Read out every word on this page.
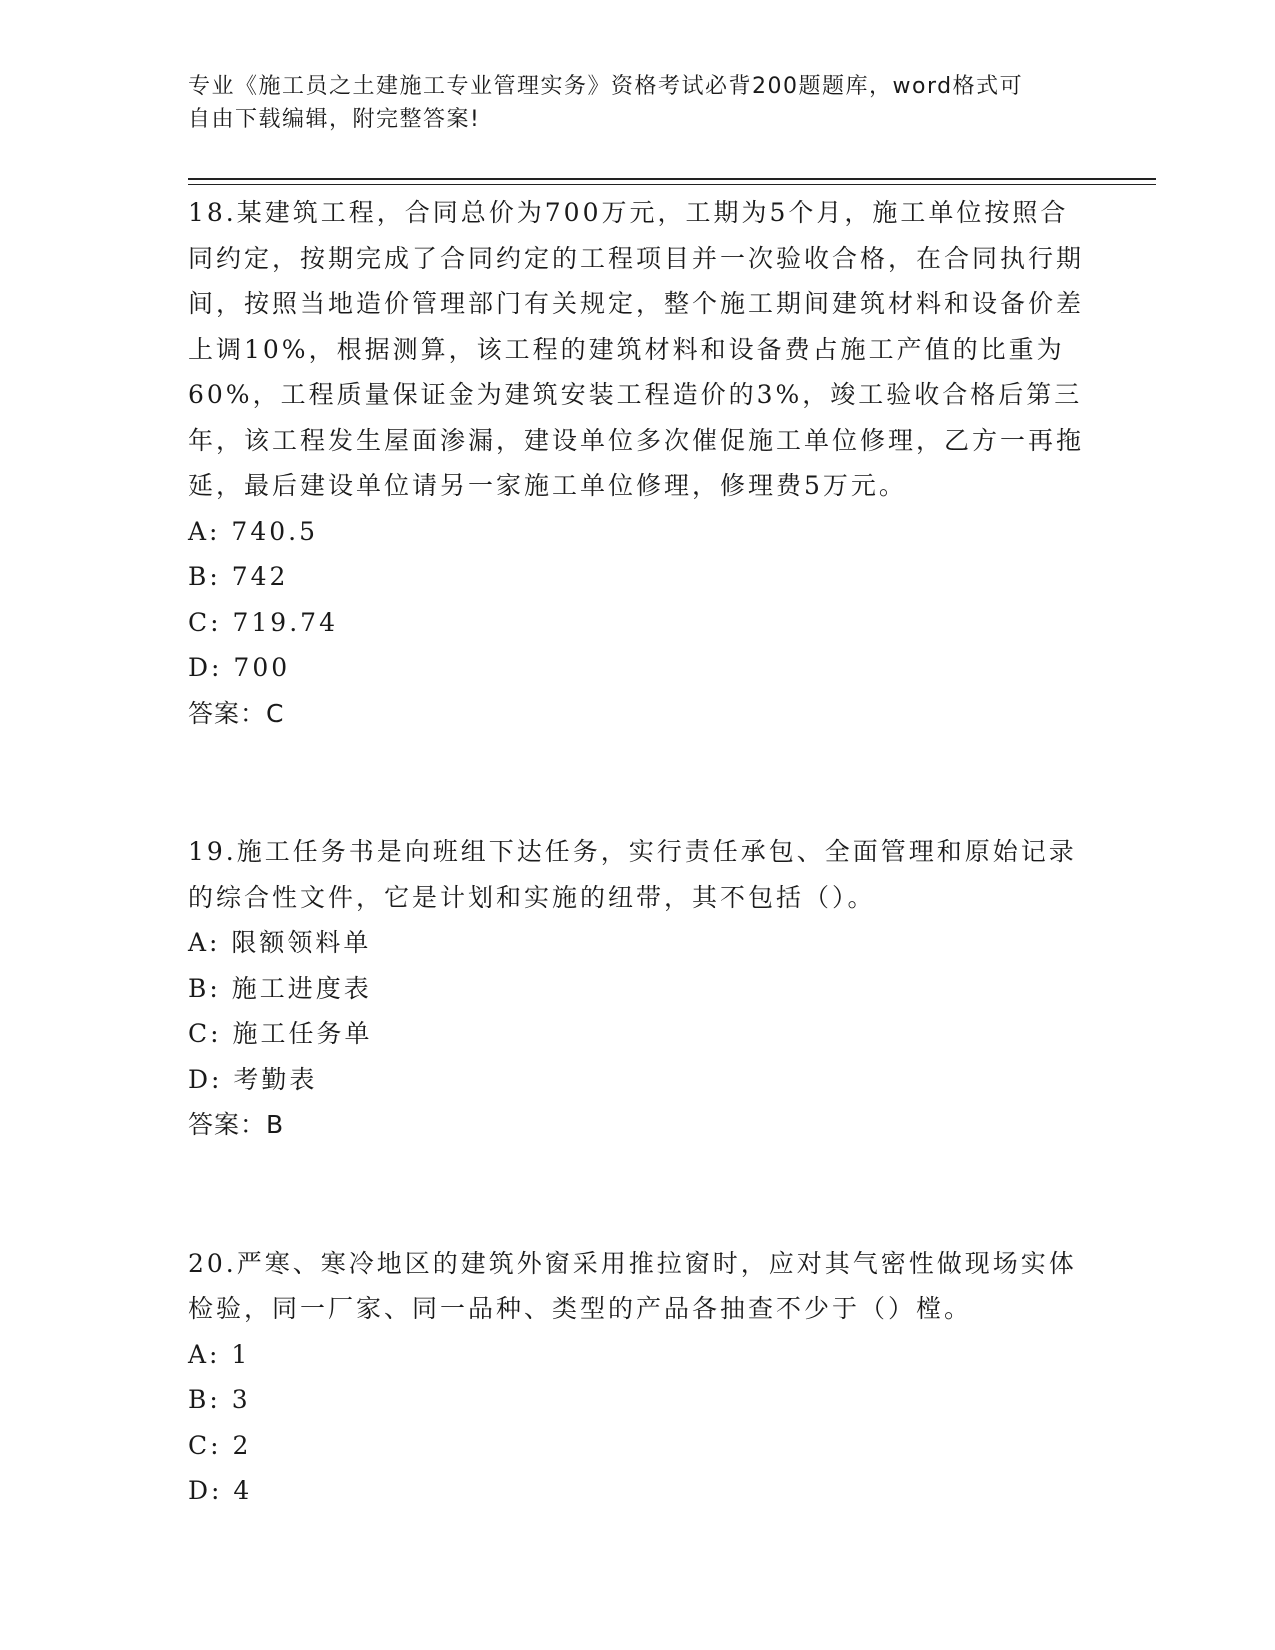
专业《施工员之土建施工专业管理实务》资格考试必背200题题库，word格式可
自由下载编辑，附完整答案!

18.某建筑工程，合同总价为700万元，工期为5个月，施工单位按照合同约定，按期完成了合同约定的工程项目并一次验收合格，在合同执行期间，按照当地造价管理部门有关规定，整个施工期间建筑材料和设备价差上调10%，根据测算，该工程的建筑材料和设备费占施工产值的比重为60%，工程质量保证金为建筑安装工程造价的3%，竣工验收合格后第三年，该工程发生屋面渗漏，建设单位多次催促施工单位修理，乙方一再拖延，最后建设单位请另一家施工单位修理，修理费5万元。

A: 740.5

B: 742

C: 719.74

D: 700

答案：C

19.施工任务书是向班组下达任务，实行责任承包、全面管理和原始记录的综合性文件，它是计划和实施的纽带，其不包括（）。

A: 限额领料单

B: 施工进度表

C: 施工任务单

D: 考勤表

答案：B

20.严寒、寒冷地区的建筑外窗采用推拉窗时，应对其气密性做现场实体检验，同一厂家、同一品种、类型的产品各抽查不少于（）樘。

A: 1

B: 3

C: 2

D: 4
